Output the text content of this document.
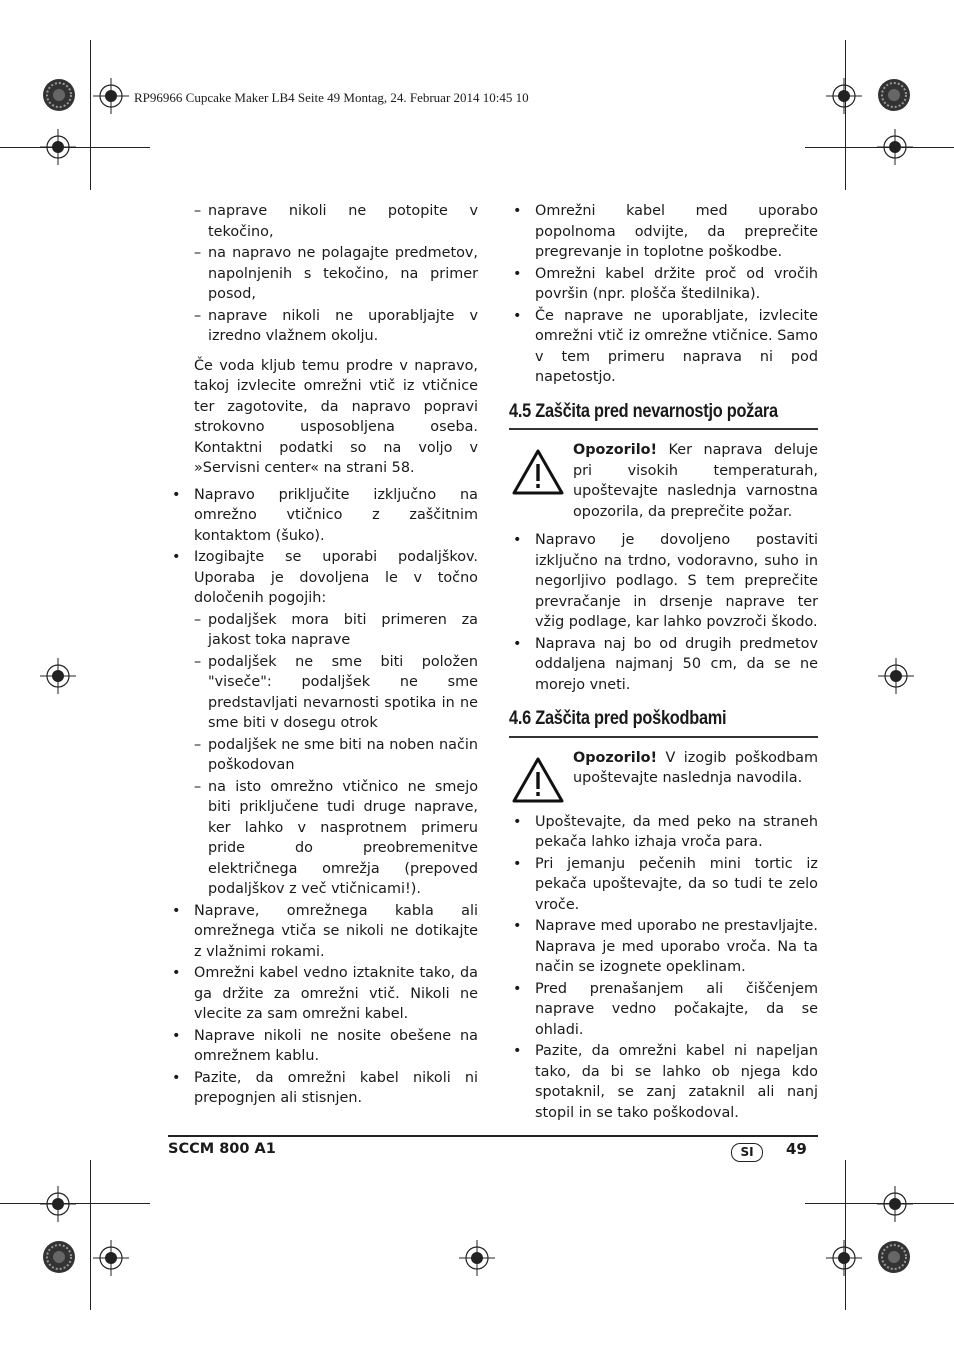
RP96966 Cupcake Maker LB4 Seite 49 Montag, 24. Februar 2014 10:45 10
– naprave nikoli ne potopite v tekočino,
– na napravo ne polagajte predmetov, napolnjenih s tekočino, na primer posod,
– naprave nikoli ne uporabljajte v izredno vlažnem okolju.

Če voda kljub temu prodre v napravo, takoj izvlecite omrežni vtič iz vtičnice ter zagotovite, da napravo popravi strokovno usposobljena oseba. Kontaktni podatki so na voljo v »Servisni center« na strani 58.

• Napravo priključite izključno na omrežno vtičnico z zaščitnim kontaktom (šuko).
• Izogibajte se uporabi podaljškov. Uporaba je dovoljena le v točno določenih pogojih:
– podaljšek mora biti primeren za jakost toka naprave
– podaljšek ne sme biti položen "viseče": podaljšek ne sme predstavljati nevarnosti spotika in ne sme biti v dosegu otrok
– podaljšek ne sme biti na noben način poškodovan
– na isto omrežno vtičnico ne smejo biti priključene tudi druge naprave, ker lahko v nasprotnem primeru pride do preobremenitve električnega omrežja (prepoved podaljškov z več vtičnicami!).
• Naprave, omrežnega kabla ali omrežnega vtiča se nikoli ne dotikajte z vlažnimi rokami.
• Omrežni kabel vedno iztaknite tako, da ga držite za omrežni vtič. Nikoli ne vlecite za sam omrežni kabel.
• Naprave nikoli ne nosite obešene na omrežnem kablu.
• Pazite, da omrežni kabel nikoli ni prepognjen ali stisnjen.
• Omrežni kabel med uporabo popolnoma odvijte, da preprečite pregrevanje in toplotne poškodbe.
• Omrežni kabel držite proč od vročih površin (npr. plošča štedilnika).
• Če naprave ne uporabljate, izvlecite omrežni vtič iz omrežne vtičnice. Samo v tem primeru naprava ni pod napetostjo.
4.5 Zaščita pred nevarnostjo požara
Opozorilo! Ker naprava deluje pri visokih temperaturah, upoštevajte naslednja varnostna opozorila, da preprečite požar.
• Napravo je dovoljeno postaviti izključno na trdno, vodoravno, suho in negorljivo podlago. S tem preprečite prevračanje in drsenje naprave ter vžig podlage, kar lahko povzroči škodo.
• Naprava naj bo od drugih predmetov oddaljena najmanj 50 cm, da se ne morejo vneti.
4.6 Zaščita pred poškodbami
Opozorilo! V izogib poškodbam upoštevajte naslednja navodila.
• Upoštevajte, da med peko na straneh pekača lahko izhaja vroča para.
• Pri jemanju pečenih mini tortic iz pekača upoštevajte, da so tudi te zelo vroče.
• Naprave med uporabo ne prestavljajte. Naprava je med uporabo vroča. Na ta način se izognete opeklinam.
• Pred prenašanjem ali čiščenjem naprave vedno počakajte, da se ohladi.
• Pazite, da omrežni kabel ni napeljan tako, da bi se lahko ob njega kdo spotaknil, se zanj zataknil ali nanj stopil in se tako poškodoval.
SCCM 800 A1	SI	49
